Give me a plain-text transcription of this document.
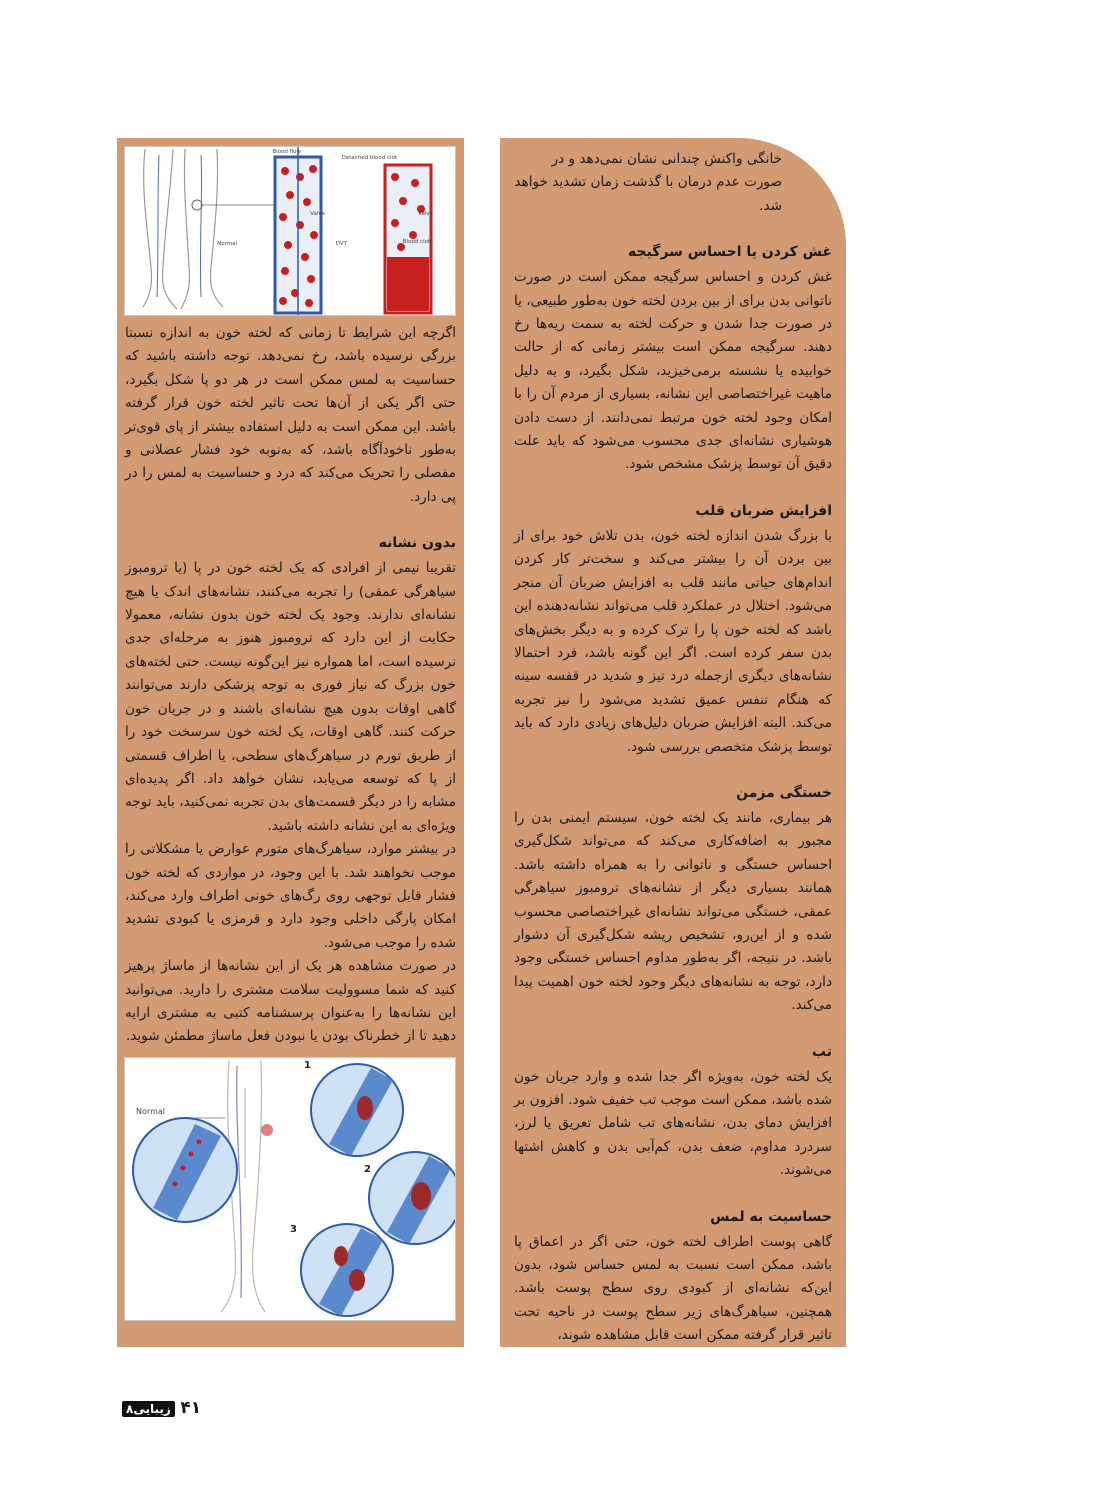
خانگی واکنش چندانی نشان نمی‌دهد و در صورت عدم درمان با گذشت زمان تشدید خواهد شد.

غش کردن یا احساس سرگیجه

غش کردن و احساس سرگیجه ممکن است در صورت ناتوانی بدن برای از بین بردن لخته خون به‌طور طبیعی، یا در صورت جدا شدن و حرکت لخته به سمت ریه‌ها رخ دهند. سرگیجه ممکن است بیشتر زمانی که از حالت خوابیده یا نشسته برمی‌خیزید، شکل بگیرد، و به دلیل ماهیت غیراختصاصی این نشانه، بسیاری از مردم آن را با امکان وجود لخته خون مرتبط نمی‌دانند. از دست دادن هوشیاری نشانه‌ای جدی محسوب می‌شود که باید علت دقیق آن توسط پزشک مشخص شود.

افزایش ضربان قلب

با بزرگ شدن اندازه لخته خون، بدن تلاش خود برای از بین بردن آن را بیشتر می‌کند و سخت‌تر کار کردن اندام‌های حیاتی مانند قلب به افزایش ضربان آن منجر می‌شود. اختلال در عملکرد قلب می‌تواند نشانه‌دهنده این باشد که لخته خون پا را ترک کرده و به دیگر بخش‌های بدن سفر کرده است. اگر این گونه باشد، فرد احتمالا نشانه‌های دیگری ازجمله درد تیز و شدید در قفسه سینه که هنگام تنفس عمیق تشدید می‌شود را نیز تجربه می‌کند. البته افزایش ضربان دلیل‌های زیادی دارد که باید توسط پزشک متخصص بررسی شود.

خستگی مزمن

هر بیماری، مانند یک لخته خون، سیستم ایمنی بدن را مجبور به اضافه‌کاری می‌کند که می‌تواند شکل‌گیری احساس خستگی و ناتوانی را به همراه داشته باشد. همانند بسیاری دیگر از نشانه‌های ترومبوز سیاهرگی عمقی، خستگی می‌تواند نشانه‌ای غیراختصاصی محسوب شده و از این‌رو، تشخیص ریشه شکل‌گیری آن دشوار باشد. در نتیجه، اگر به‌طور مداوم احساس خستگی وجود دارد، توجه به نشانه‌های دیگر وجود لخته خون اهمیت پیدا می‌کند.

تب

یک لخته خون، به‌ویژه اگر جدا شده و وارد جریان خون شده باشد، ممکن است موجب تب خفیف شود. افزون بر افزایش دمای بدن، نشانه‌های تب شامل تعریق یا لرز، سردرد مداوم، ضعف بدن، کم‌آبی بدن و کاهش اشتها می‌شوند.

حساسیت به لمس

گاهی پوست اطراف لخته خون، حتی اگر در اعماق پا باشد، ممکن است نسبت به لمس حساس شود، بدون این‌که نشانه‌ای از کبودی روی سطح پوست باشد. همچنین، سیاهرگ‌های زیر سطح پوست در ناحیه تحت تاثیر قرار گرفته ممکن است قابل مشاهده شوند،

Blood flow
Detached blood clot
Valve
Normal
Valve
DVT	Blood clots

اگرچه این شرایط تا زمانی که لخته خون به اندازه نسبتا بزرگی نرسیده باشد، رخ نمی‌دهد. توجه داشته باشید که حساسیت به لمس ممکن است در هر دو پا شکل بگیرد، حتی اگر یکی از آن‌ها تحت تاثیر لخته خون قرار گرفته باشد. این ممکن است به دلیل استفاده بیشتر از پای قوی‌تر به‌طور ناخودآگاه باشد، که به‌نوبه خود فشار عضلانی و مفصلی را تحریک می‌کند که درد و حساسیت به لمس را در پی دارد.

بدون نشانه

تقریبا نیمی از افرادی که یک لخته خون در پا (یا ترومبوز سیاهرگی عمقی) را تجربه می‌کنند، نشانه‌های اندک یا هیچ نشانه‌ای ندارند. وجود یک لخته خون بدون نشانه، معمولا حکایت از این دارد که ترومبوز هنوز به مرحله‌ای جدی نرسیده است، اما همواره نیز این‌گونه نیست. حتی لخته‌های خون بزرگ که نیاز فوری به توجه پزشکی دارند می‌توانند گاهی اوقات بدون هیچ نشانه‌ای باشند و در جریان خون حرکت کنند. گاهی اوقات، یک لخته خون سرسخت خود را از طریق تورم در سیاهرگ‌های سطحی، یا اطراف قسمتی از پا که توسعه می‌یابد، نشان خواهد داد. اگر پدیده‌ای مشابه را در دیگر قسمت‌های بدن تجربه نمی‌کنید، باید توجه ویژه‌ای به این نشانه داشته باشید.

در بیشتر موارد، سیاهرگ‌های متورم عوارض یا مشکلاتی را موجب نخواهند شد. با این وجود، در مواردی که لخته خون فشار قابل توجهی روی رگ‌های خونی اطراف وارد می‌کند، امکان پارگی داخلی وجود دارد و قرمزی یا کبودی تشدید شده را موجب می‌شود.

در صورت مشاهده هر یک از این نشانه‌ها از ماساژ پرهیز کنید که شما مسوولیت سلامت مشتری را دارید. می‌توانید این نشانه‌ها را به‌عنوان پرسشنامه کتبی به مشتری ارایه دهید تا از خطرناک بودن یا نبودن فعل ماساژ مطمئن شوید.

Normal
1
2
3
۴۱ زیبایی۸
